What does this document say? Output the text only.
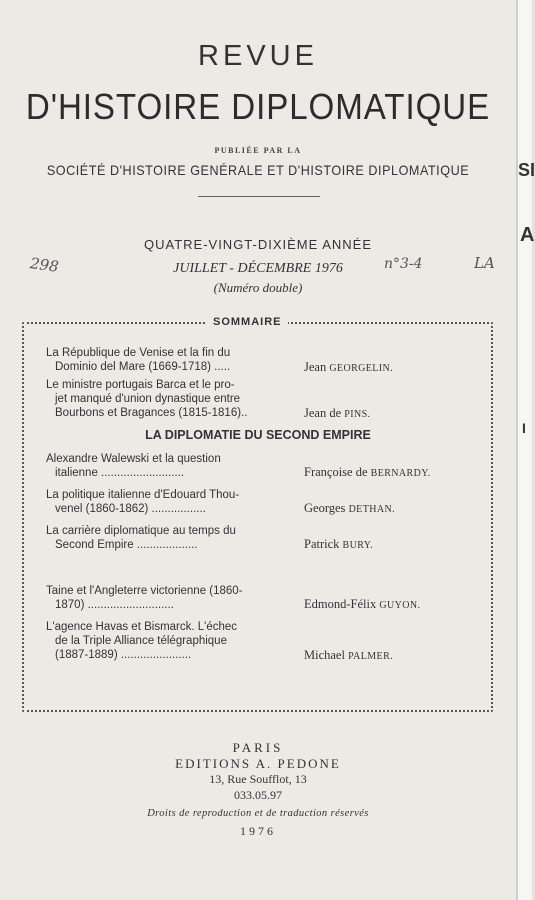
REVUE
D'HISTOIRE DIPLOMATIQUE
PUBLIÉE PAR LA
SOCIÉTÉ D'HISTOIRE GENÉRALE ET D'HISTOIRE DIPLOMATIQUE
QUATRE-VINGT-DIXIÈME ANNÉE
JUILLET - DÉCEMBRE 1976
(Numéro double)
298	n°3-4	LA
SOMMAIRE
La République de Venise et la fin du
Dominio del Mare (1669-1718) .....	Jean GEORGELIN.
Le ministre portugais Barca et le pro-
jet manqué d'union dynastique entre
Bourbons et Bragances (1815-1816)..	Jean de PINS.
LA DIPLOMATIE DU SECOND EMPIRE
Alexandre Walewski et la question
italienne ..........................	Françoise de BERNARDY.
La politique italienne d'Edouard Thou-
venel (1860-1862) .................	Georges DETHAN.
La carrière diplomatique au temps du
Second Empire ...................	Patrick BURY.
Taine et l'Angleterre victorienne (1860-
1870) ...........................	Edmond-Félix GUYON.
L'agence Havas et Bismarck. L'échec
de la Triple Alliance télégraphique
(1887-1889) ......................	Michael PALMER.
PARIS
EDITIONS A. PEDONE
13, Rue Soufflot, 13
033.05.97
Droits de reproduction et de traduction réservés
1976
SI
A
I
